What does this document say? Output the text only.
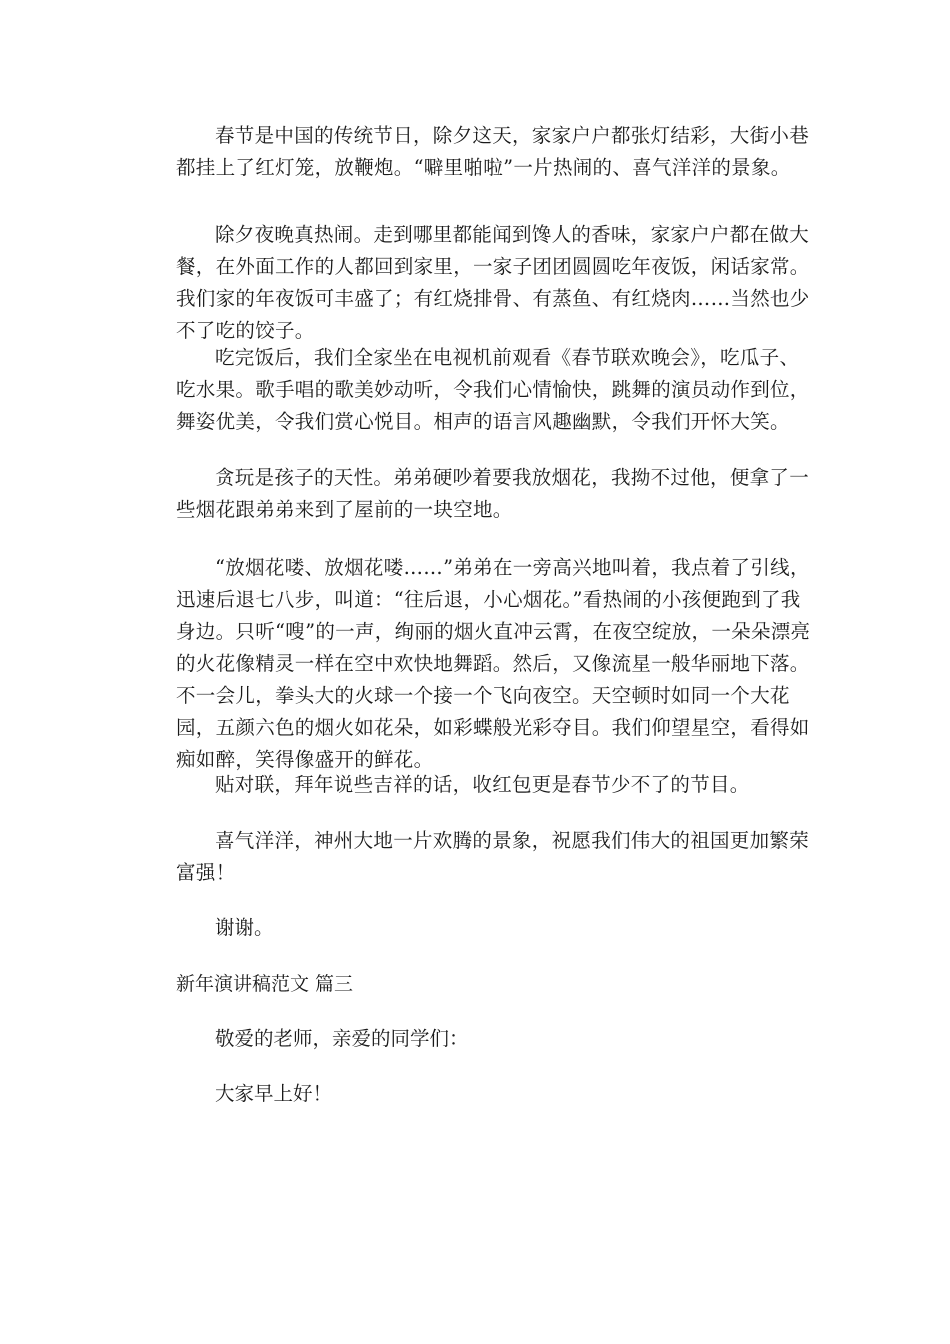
春节是中国的传统节日，除夕这天，家家户户都张灯结彩，大街小巷都挂上了红灯笼，放鞭炮。“噼里啪啦”一片热闹的、喜气洋洋的景象。

除夕夜晚真热闹。走到哪里都能闻到馋人的香味，家家户户都在做大餐，在外面工作的人都回到家里，一家子团团圆圆吃年夜饭，闲话家常。我们家的年夜饭可丰盛了；有红烧排骨、有蒸鱼、有红烧肉……当然也少不了吃的饺子。

吃完饭后，我们全家坐在电视机前观看《春节联欢晚会》，吃瓜子、吃水果。歌手唱的歌美妙动听，令我们心情愉快，跳舞的演员动作到位，舞姿优美，令我们赏心悦目。相声的语言风趣幽默，令我们开怀大笑。

贪玩是孩子的天性。弟弟硬吵着要我放烟花，我拗不过他，便拿了一些烟花跟弟弟来到了屋前的一块空地。

“放烟花喽、放烟花喽……”弟弟在一旁高兴地叫着，我点着了引线，迅速后退七八步，叫道：“往后退，小心烟花。”看热闹的小孩便跑到了我身边。只听“嗖”的一声，绚丽的烟火直冲云霄，在夜空绽放，一朵朵漂亮的火花像精灵一样在空中欢快地舞蹈。然后，又像流星一般华丽地下落。不一会儿，拳头大的火球一个接一个飞向夜空。天空顿时如同一个大花园，五颜六色的烟火如花朵，如彩蝶般光彩夺目。我们仰望星空，看得如痴如醉，笑得像盛开的鲜花。

贴对联，拜年说些吉祥的话，收红包更是春节少不了的节目。

喜气洋洋，神州大地一片欢腾的景象，祝愿我们伟大的祖国更加繁荣富强！

谢谢。
新年演讲稿范文 篇三
敬爱的老师，亲爱的同学们：
大家早上好！
